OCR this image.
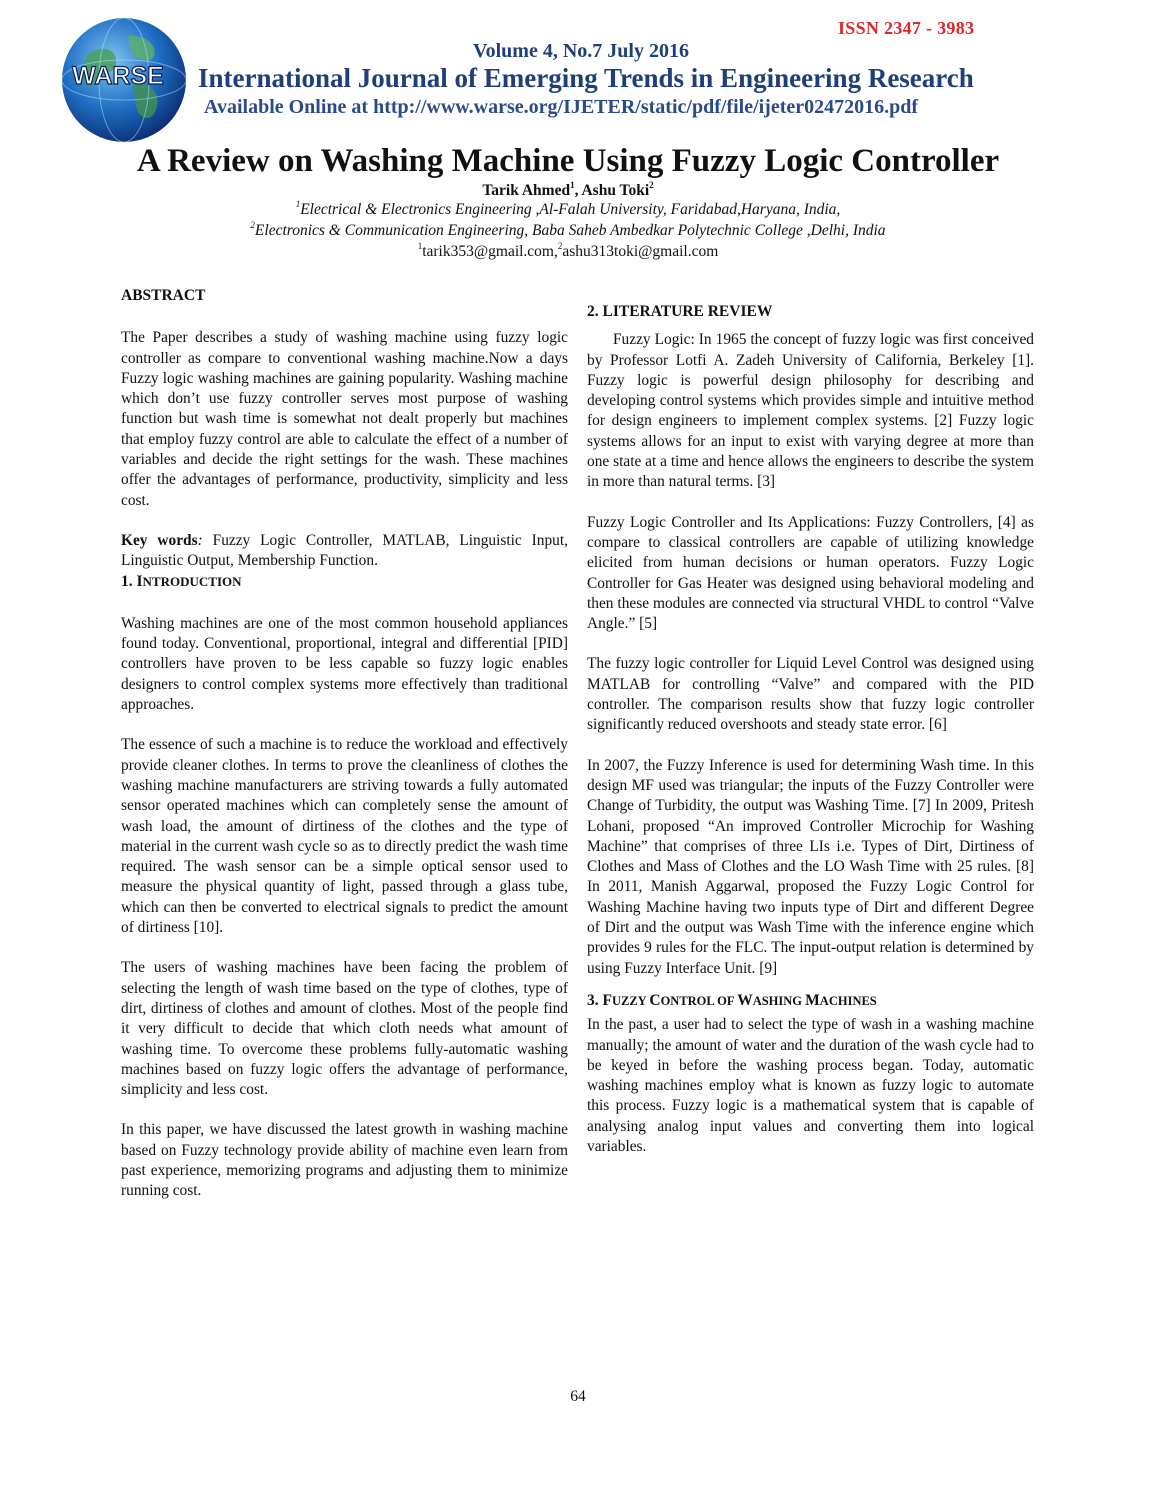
WARSE
ISSN 2347 - 3983
Volume 4, No.7 July 2016
International Journal of Emerging Trends in Engineering Research
Available Online at http://www.warse.org/IJETER/static/pdf/file/ijeter02472016.pdf
A Review on Washing Machine Using Fuzzy Logic Controller
Tarik Ahmed$^1$, Ashu Toki$^2$
$^1$Electrical & Electronics Engineering ,Al-Falah University, Faridabad,Haryana, India,
$^2$Electronics & Communication Engineering, Baba Saheb Ambedkar Polytechnic College ,Delhi, India
$^1$tarik353@gmail.com,$^2$ashu313toki@gmail.com

ABSTRACT

The Paper describes a study of washing machine using fuzzy logic controller as compare to conventional washing machine.Now a days Fuzzy logic washing machines are gaining popularity. Washing machine which don’t use fuzzy controller serves most purpose of washing function but wash time is somewhat not dealt properly but machines that employ fuzzy control are able to calculate the effect of a number of variables and decide the right settings for the wash. These machines offer the advantages of performance, productivity, simplicity and less cost.

Key words: Fuzzy Logic Controller, MATLAB, Linguistic Input, Linguistic Output, Membership Function.

1. INTRODUCTION

Washing machines are one of the most common household appliances found today. Conventional, proportional, integral and differential [PID] controllers have proven to be less capable so fuzzy logic enables designers to control complex systems more effectively than traditional approaches.

The essence of such a machine is to reduce the workload and effectively provide cleaner clothes. In terms to prove the cleanliness of clothes the washing machine manufacturers are striving towards a fully automated sensor operated machines which can completely sense the amount of wash load, the amount of dirtiness of the clothes and the type of material in the current wash cycle so as to directly predict the wash time required. The wash sensor can be a simple optical sensor used to measure the physical quantity of light, passed through a glass tube, which can then be converted to electrical signals to predict the amount of dirtiness [10].

The users of washing machines have been facing the problem of selecting the length of wash time based on the type of clothes, type of dirt, dirtiness of clothes and amount of clothes. Most of the people find it very difficult to decide that which cloth needs what amount of washing time. To overcome these problems fully-automatic washing machines based on fuzzy logic offers the advantage of performance, simplicity and less cost.

In this paper, we have discussed the latest growth in washing machine based on Fuzzy technology provide ability of machine even learn from past experience, memorizing programs and adjusting them to minimize running cost.

2. LITERATURE REVIEW

Fuzzy Logic: In 1965 the concept of fuzzy logic was first conceived by Professor Lotfi A. Zadeh University of California, Berkeley [1]. Fuzzy logic is powerful design philosophy for describing and developing control systems which provides simple and intuitive method for design engineers to implement complex systems. [2] Fuzzy logic systems allows for an input to exist with varying degree at more than one state at a time and hence allows the engineers to describe the system in more than natural terms. [3]

Fuzzy Logic Controller and Its Applications: Fuzzy Controllers, [4] as compare to classical controllers are capable of utilizing knowledge elicited from human decisions or human operators. Fuzzy Logic Controller for Gas Heater was designed using behavioral modeling and then these modules are connected via structural VHDL to control “Valve Angle.” [5]

The fuzzy logic controller for Liquid Level Control was designed using MATLAB for controlling “Valve” and compared with the PID controller. The comparison results show that fuzzy logic controller significantly reduced overshoots and steady state error. [6]

In 2007, the Fuzzy Inference is used for determining Wash time. In this design MF used was triangular; the inputs of the Fuzzy Controller were Change of Turbidity, the output was Washing Time. [7] In 2009, Pritesh Lohani, proposed “An improved Controller Microchip for Washing Machine” that comprises of three LIs i.e. Types of Dirt, Dirtiness of Clothes and Mass of Clothes and the LO Wash Time with 25 rules. [8] In 2011, Manish Aggarwal, proposed the Fuzzy Logic Control for Washing Machine having two inputs type of Dirt and different Degree of Dirt and the output was Wash Time with the inference engine which provides 9 rules for the FLC. The input-output relation is determined by using Fuzzy Interface Unit. [9]

3. FUZZY CONTROL OF WASHING MACHINES

In the past, a user had to select the type of wash in a washing machine manually; the amount of water and the duration of the wash cycle had to be keyed in before the washing process began. Today, automatic washing machines employ what is known as fuzzy logic to automate this process. Fuzzy logic is a mathematical system that is capable of analysing analog input values and converting them into logical variables.

64
